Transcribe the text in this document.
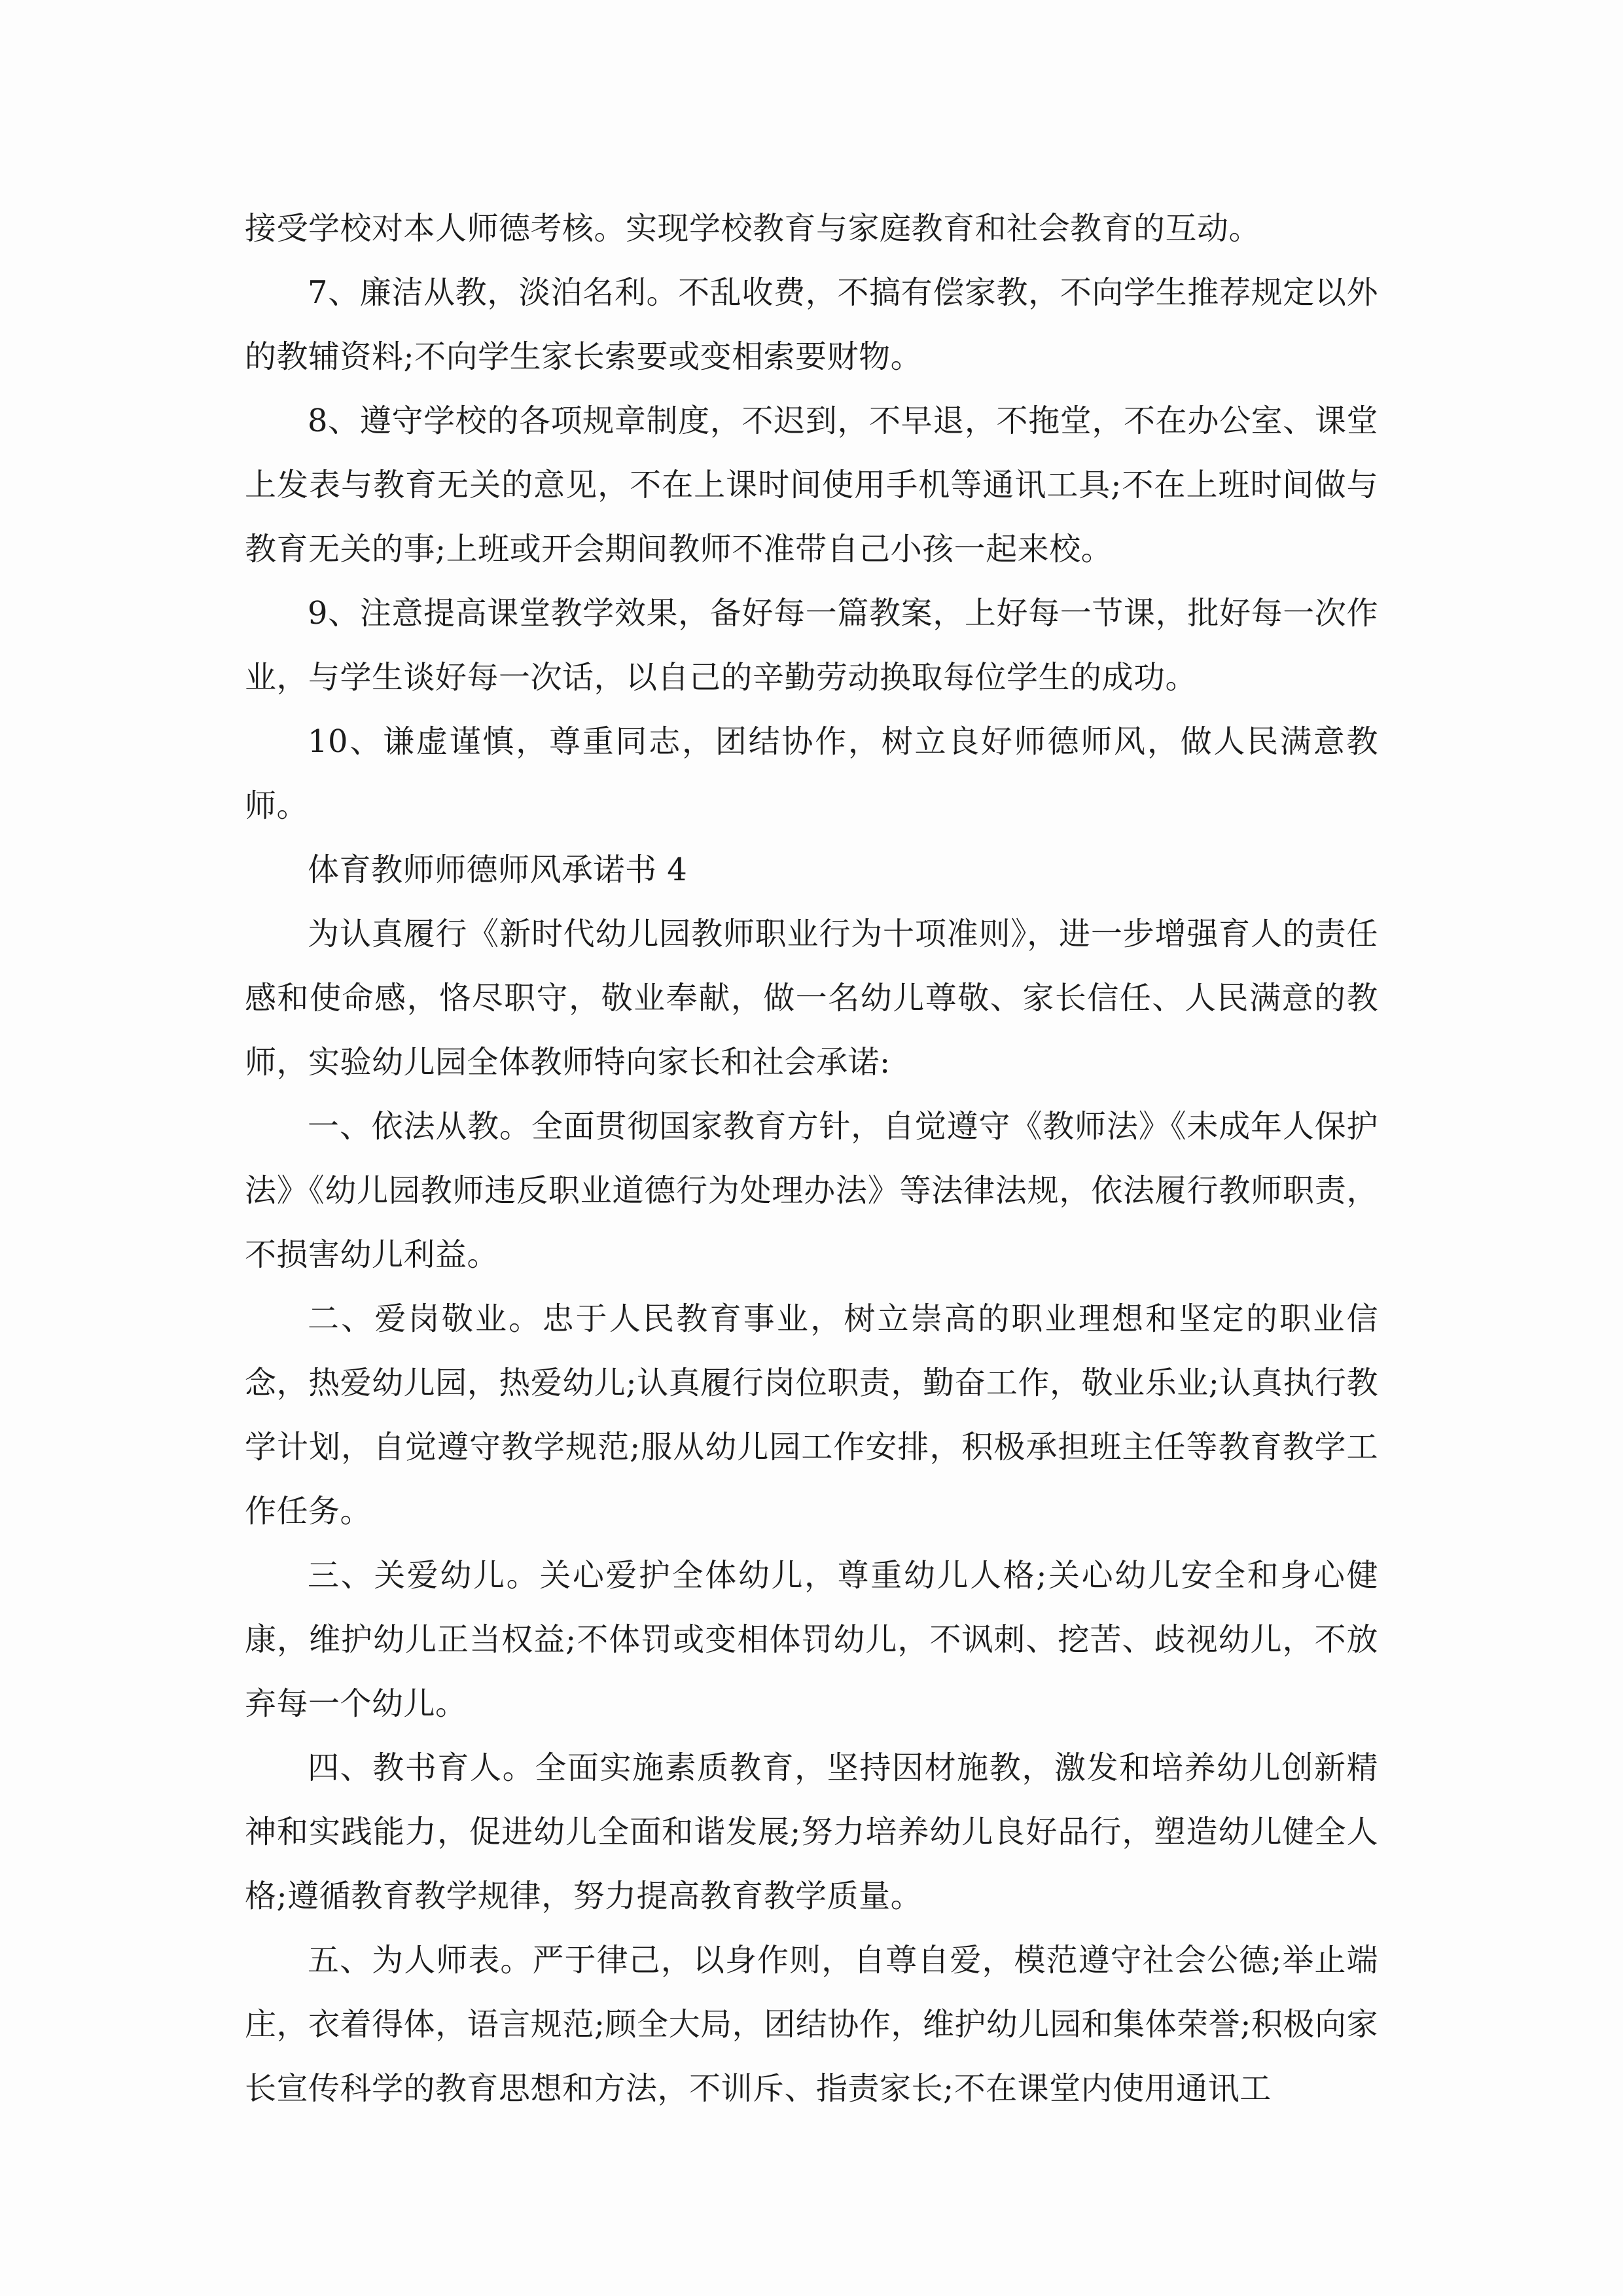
接受学校对本人师德考核。实现学校教育与家庭教育和社会教育的互动。

7、廉洁从教，淡泊名利。不乱收费，不搞有偿家教，不向学生推荐规定以外的教辅资料;不向学生家长索要或变相索要财物。

8、遵守学校的各项规章制度，不迟到，不早退，不拖堂，不在办公室、课堂上发表与教育无关的意见，不在上课时间使用手机等通讯工具;不在上班时间做与教育无关的事;上班或开会期间教师不准带自己小孩一起来校。

9、注意提高课堂教学效果，备好每一篇教案，上好每一节课，批好每一次作业，与学生谈好每一次话，以自己的辛勤劳动换取每位学生的成功。

10、谦虚谨慎，尊重同志，团结协作，树立良好师德师风，做人民满意教师。

体育教师师德师风承诺书 4

为认真履行《新时代幼儿园教师职业行为十项准则》，进一步增强育人的责任感和使命感，恪尽职守，敬业奉献，做一名幼儿尊敬、家长信任、人民满意的教师，实验幼儿园全体教师特向家长和社会承诺:

一、依法从教。全面贯彻国家教育方针，自觉遵守《教师法》《未成年人保护法》《幼儿园教师违反职业道德行为处理办法》等法律法规，依法履行教师职责，不损害幼儿利益。

二、爱岗敬业。忠于人民教育事业，树立崇高的职业理想和坚定的职业信念，热爱幼儿园，热爱幼儿;认真履行岗位职责，勤奋工作，敬业乐业;认真执行教学计划，自觉遵守教学规范;服从幼儿园工作安排，积极承担班主任等教育教学工作任务。

三、关爱幼儿。关心爱护全体幼儿，尊重幼儿人格;关心幼儿安全和身心健康，维护幼儿正当权益;不体罚或变相体罚幼儿，不讽刺、挖苦、歧视幼儿，不放弃每一个幼儿。

四、教书育人。全面实施素质教育，坚持因材施教，激发和培养幼儿创新精神和实践能力，促进幼儿全面和谐发展;努力培养幼儿良好品行，塑造幼儿健全人格;遵循教育教学规律，努力提高教育教学质量。

五、为人师表。严于律己，以身作则，自尊自爱，模范遵守社会公德;举止端庄，衣着得体，语言规范;顾全大局，团结协作，维护幼儿园和集体荣誉;积极向家长宣传科学的教育思想和方法，不训斥、指责家长;不在课堂内使用通讯工
